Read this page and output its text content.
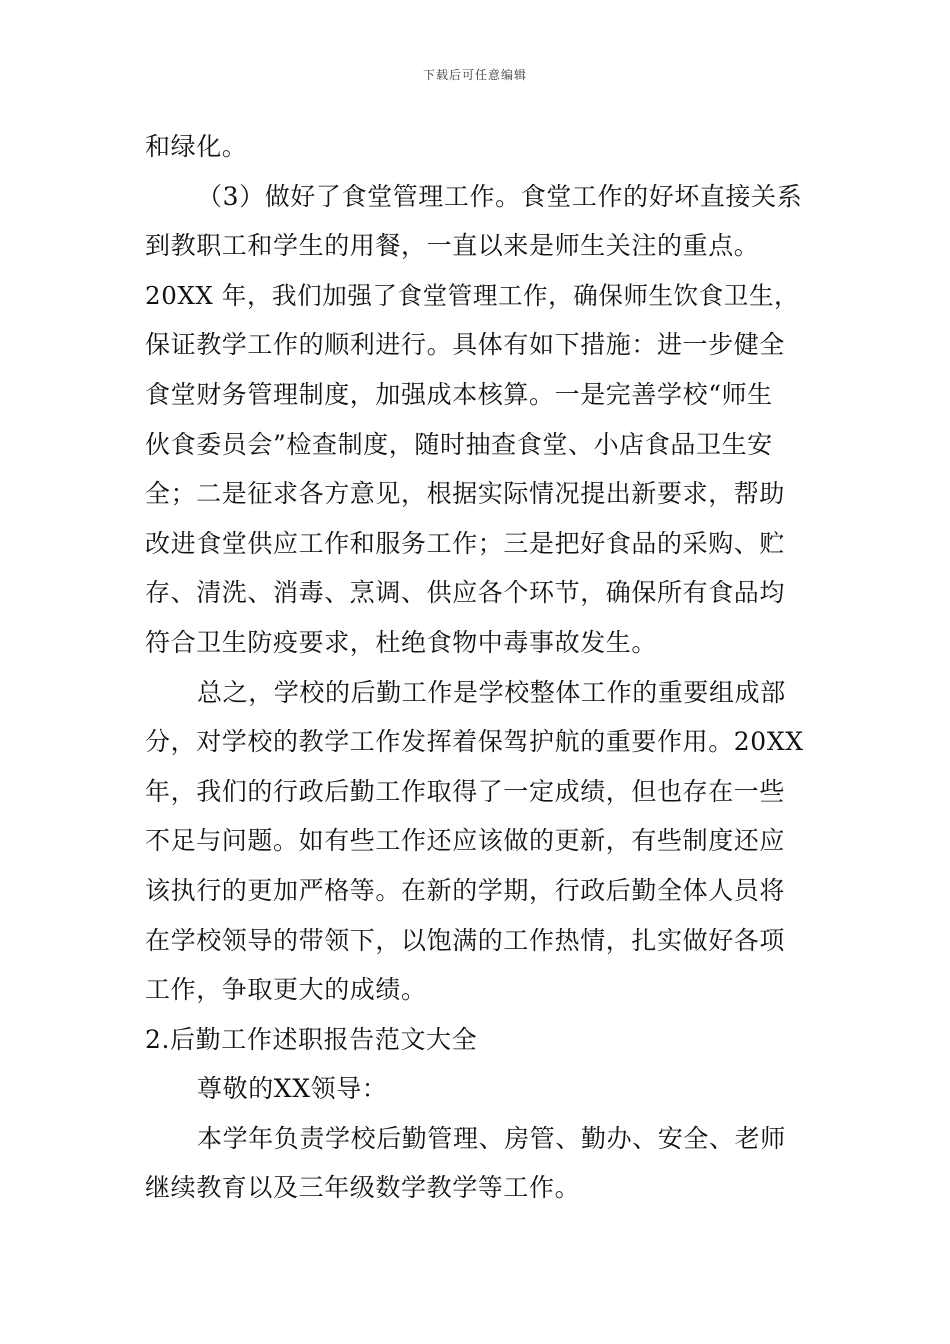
下载后可任意编辑
和绿化。
（3）做好了食堂管理工作。食堂工作的好坏直接关系
到教职工和学生的用餐，一直以来是师生关注的重点。
20XX 年，我们加强了食堂管理工作，确保师生饮食卫生，
保证教学工作的顺利进行。具体有如下措施：进一步健全
食堂财务管理制度，加强成本核算。一是完善学校“师生
伙食委员会”检查制度，随时抽查食堂、小店食品卫生安
全；二是征求各方意见，根据实际情况提出新要求，帮助
改进食堂供应工作和服务工作；三是把好食品的采购、贮
存、清洗、消毒、烹调、供应各个环节，确保所有食品均
符合卫生防疫要求，杜绝食物中毒事故发生。
总之，学校的后勤工作是学校整体工作的重要组成部
分，对学校的教学工作发挥着保驾护航的重要作用。20XX
年，我们的行政后勤工作取得了一定成绩，但也存在一些
不足与问题。如有些工作还应该做的更新，有些制度还应
该执行的更加严格等。在新的学期，行政后勤全体人员将
在学校领导的带领下，以饱满的工作热情，扎实做好各项
工作，争取更大的成绩。
2.后勤工作述职报告范文大全
尊敬的XX领导：
本学年负责学校后勤管理、房管、勤办、安全、老师
继续教育以及三年级数学教学等工作。
